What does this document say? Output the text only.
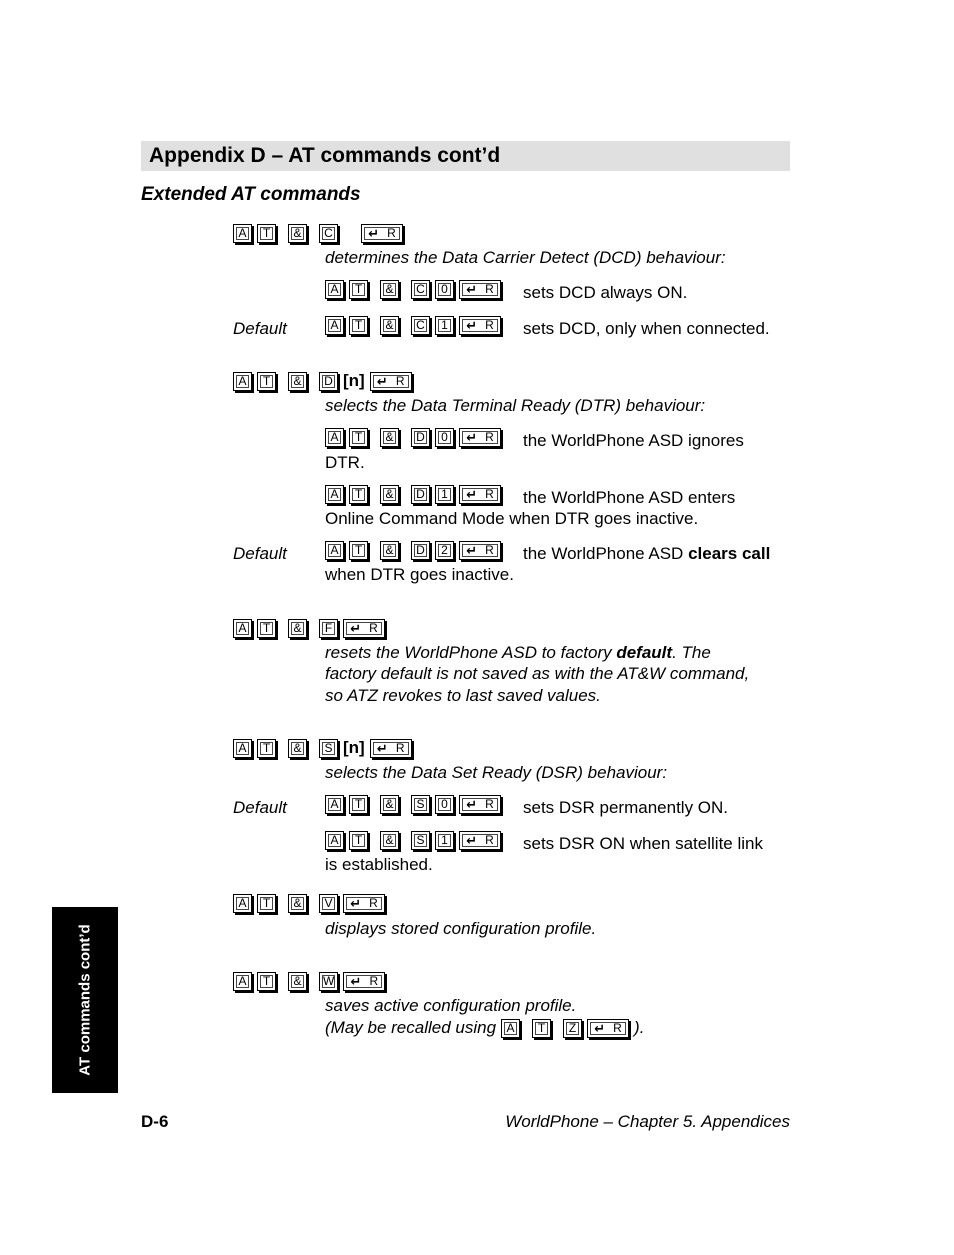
Appendix D – AT commands cont’d
Extended AT commands
A	T	&	C	↵ R
determines the Data Carrier Detect (DCD) behaviour:
A	T	&	C	0	↵ R sets DCD always ON.
Default	A	T	&	C	1	↵ R sets DCD, only when connected.
A	T	&	D [n] ↵ R
selects the Data Terminal Ready (DTR) behaviour:
A	T	&	D	0	↵ R the WorldPhone ASD ignores
DTR.
A	T	&	D	1	↵ R the WorldPhone ASD enters
Online Command Mode when DTR goes inactive.
Default	A	T	&	D	2	↵ R the WorldPhone ASD clears call
when DTR goes inactive.
A	T	&	F	↵ R
resets the WorldPhone ASD to factory default. The
factory default is not saved as with the AT&W command,
so ATZ revokes to last saved values.
A	T	&	S [n] ↵ R
selects the Data Set Ready (DSR) behaviour:
Default	A	T	&	S	0	↵ R sets DSR permanently ON.
A	T	&	S	1	↵ R sets DSR ON when satellite link
is established.
A	T	&	V	↵ R
displays stored configuration profile.
A	T	&	W	↵ R
saves active configuration profile.
(May be recalled using A	T	Z	↵ R ).
AT commands cont’d
D-6	WorldPhone – Chapter 5. Appendices
